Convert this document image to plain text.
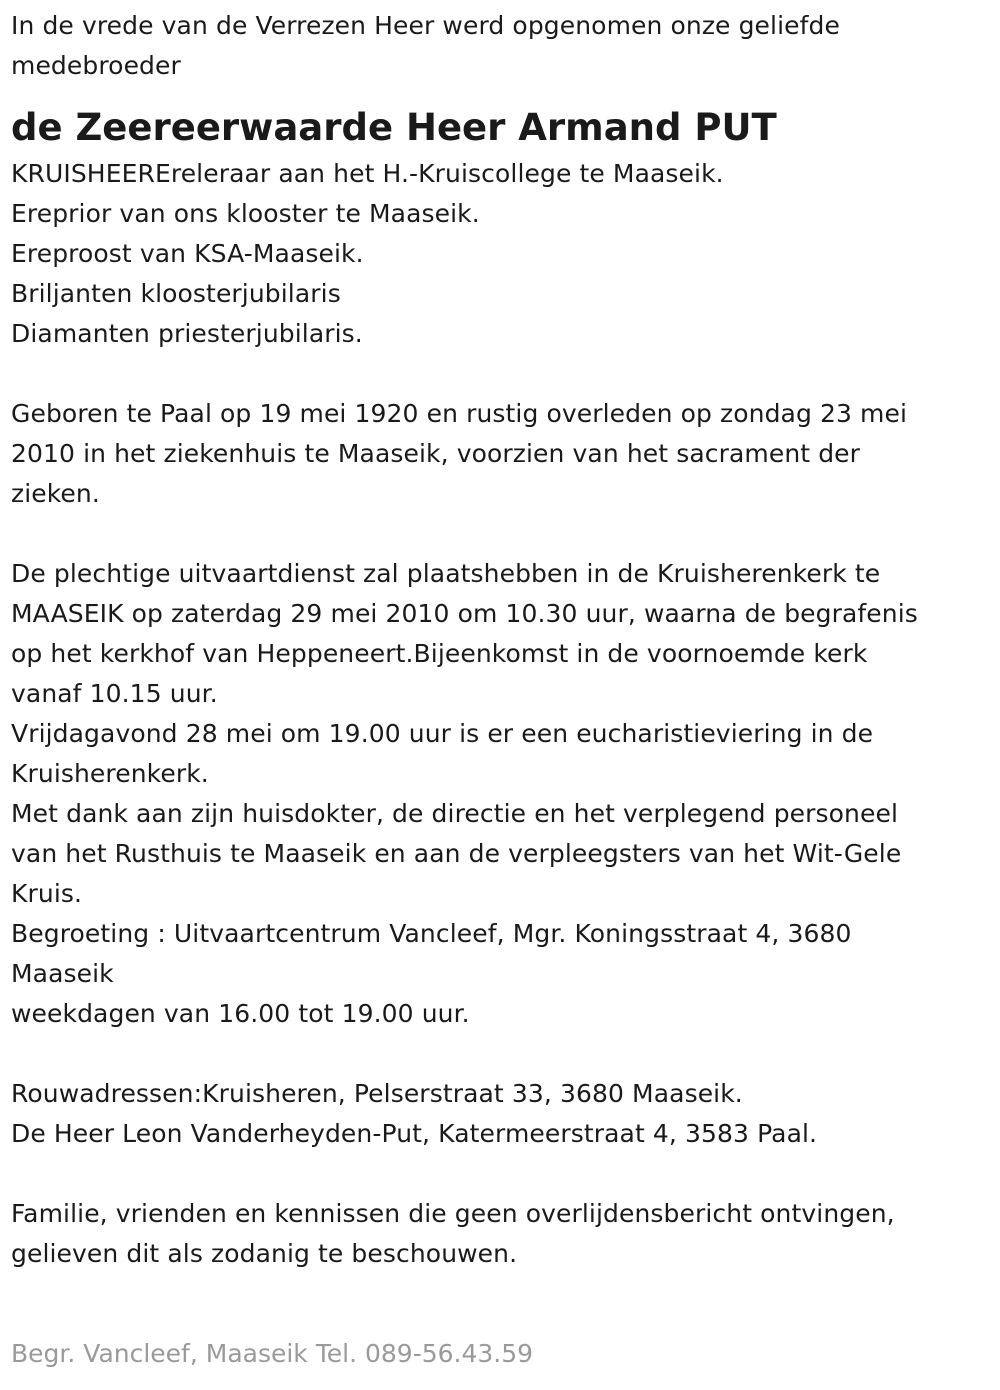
In de vrede van de Verrezen Heer werd opgenomen onze geliefde
medebroeder
de Zeereerwaarde Heer Armand PUT
KRUISHEEREreleraar aan het H.-Kruiscollege te Maaseik.
Ereprior van ons klooster te Maaseik.
Ereproost van KSA-Maaseik.
Briljanten kloosterjubilaris
Diamanten priesterjubilaris.
Geboren te Paal op 19 mei 1920 en rustig overleden op zondag 23 mei
2010 in het ziekenhuis te Maaseik, voorzien van het sacrament der
zieken.
De plechtige uitvaartdienst zal plaatshebben in de Kruisherenkerk te
MAASEIK op zaterdag 29 mei 2010 om 10.30 uur, waarna de begrafenis
op het kerkhof van Heppeneert.Bijeenkomst in de voornoemde kerk
vanaf 10.15 uur.
Vrijdagavond 28 mei om 19.00 uur is er een eucharistieviering in de
Kruisherenkerk.
Met dank aan zijn huisdokter, de directie en het verplegend personeel
van het Rusthuis te Maaseik en aan de verpleegsters van het Wit-Gele
Kruis.
Begroeting : Uitvaartcentrum Vancleef, Mgr. Koningsstraat 4, 3680
Maaseik
weekdagen van 16.00 tot 19.00 uur.
Rouwadressen:Kruisheren, Pelserstraat 33, 3680 Maaseik.
De Heer Leon Vanderheyden-Put, Katermeerstraat 4, 3583 Paal.
Familie, vrienden en kennissen die geen overlijdensbericht ontvingen,
gelieven dit als zodanig te beschouwen.
Begr. Vancleef, Maaseik Tel. 089-56.43.59
